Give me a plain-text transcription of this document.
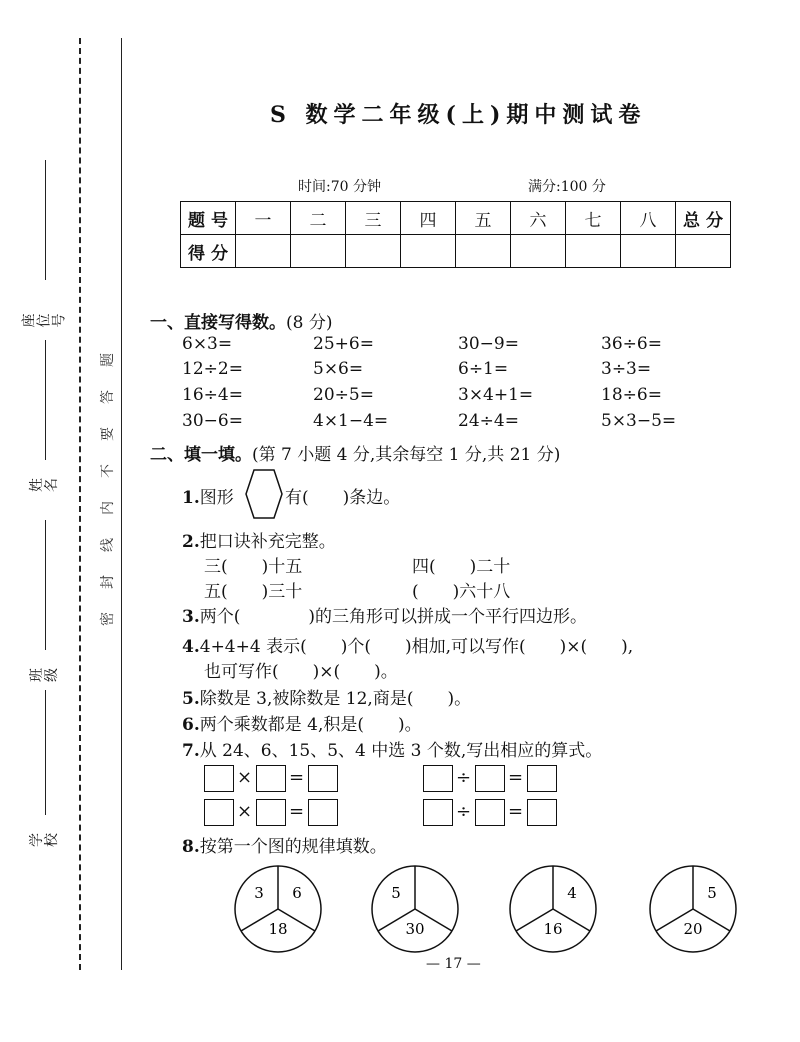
座位号
姓名
班级
学校
题
答
要
不
内
线
封
密
S 数学二年级(上)期中测试卷
时间:70 分钟	满分:100 分
题 号	一	二	三	四	五	六	七	八	总 分
得 分									
一、直接写得数。(8 分)
6×3=	25+6=	30−9=	36÷6=
12÷2=	5×6=	6÷1=	3÷3=
16÷4=	20÷5=	3×4+1=	18÷6=
30−6=	4×1−4=	24÷4=	5×3−5=
二、填一填。(第 7 小题 4 分,其余每空 1 分,共 21 分)
1.图形	有(　　)条边。
2.把口诀补充完整。
三(　　)十五	四(　　)二十
五(　　)三十	(　　)六十八
3.两个(　　　　)的三角形可以拼成一个平行四边形。
4.4+4+4 表示(　　)个(　　)相加,可以写作(　　)×(　　),
也可写作(　　)×(　　)。
5.除数是 3,被除数是 12,商是(　　)。
6.两个乘数都是 4,积是(　　)。
7.从 24、6、15、5、4 中选 3 个数,写出相应的算式。
× =	÷ =
× =	÷ =
8.按第一个图的规律填数。
3 6
18
5
30
4
16
5
20
— 17 —
